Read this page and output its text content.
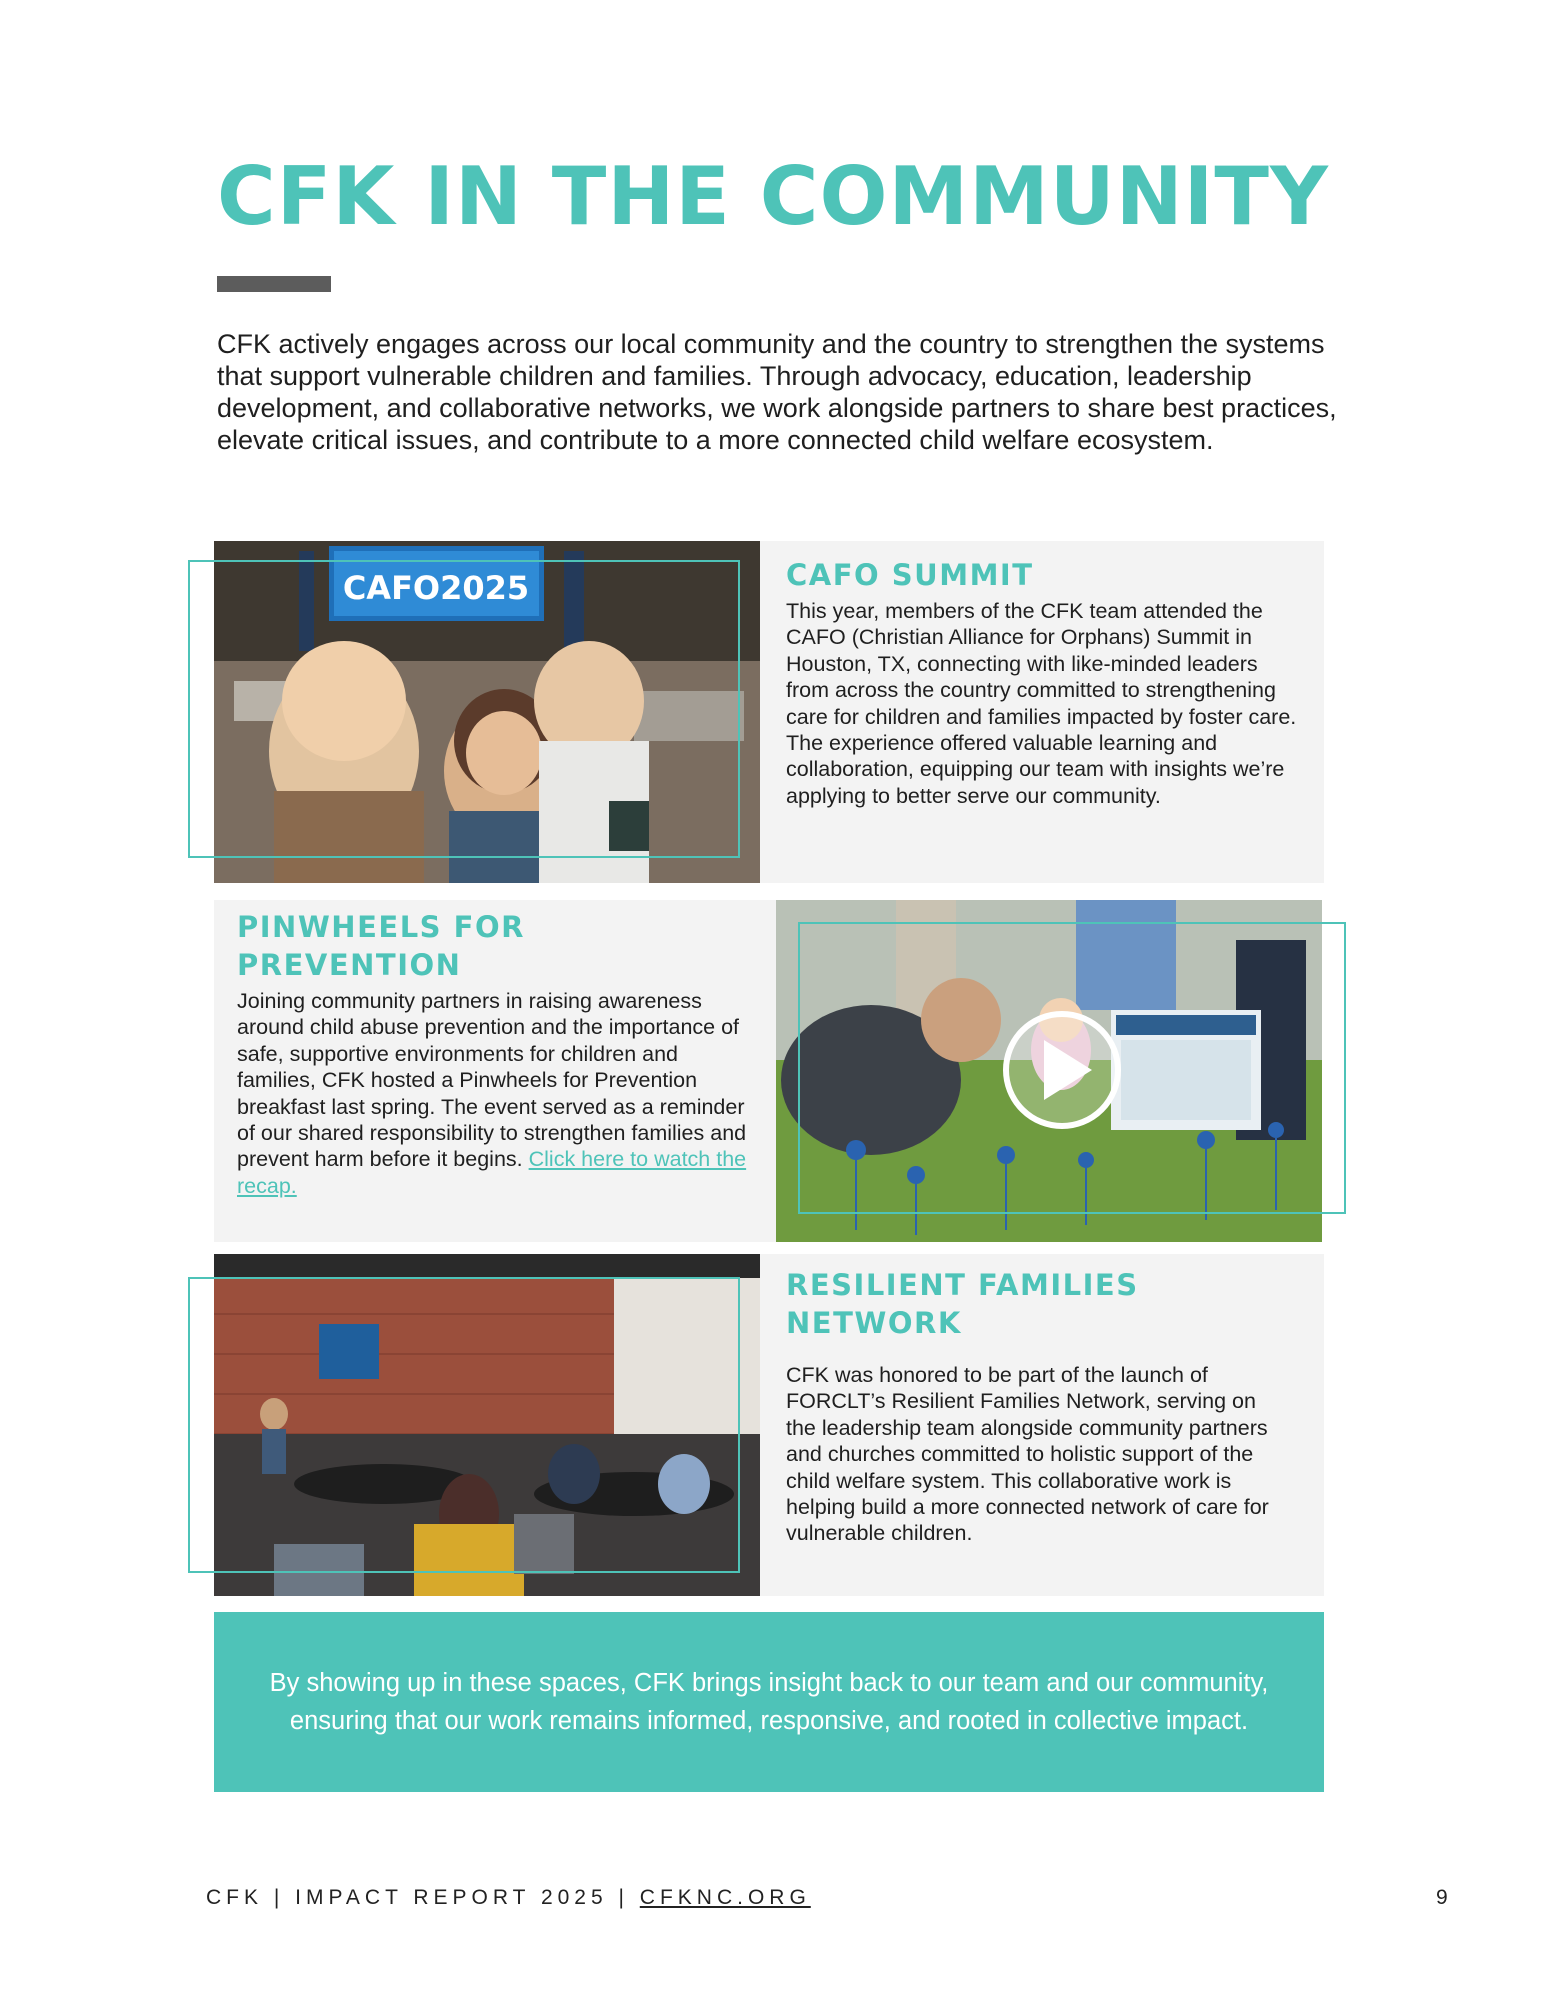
CFK IN THE COMMUNITY

CFK actively engages across our local community and the country to strengthen the systems that support vulnerable children and families. Through advocacy, education, leadership development, and collaborative networks, we work alongside partners to share best practices, elevate critical issues, and contribute to a more connected child welfare ecosystem.

CAFO2025	CAFO SUMMIT

This year, members of the CFK team attended the CAFO (Christian Alliance for Orphans) Summit in Houston, TX, connecting with like-minded leaders from across the country committed to strengthening care for children and families impacted by foster care. The experience offered valuable learning and collaboration, equipping our team with insights we’re applying to better serve our community.

PINWHEELS FOR PREVENTION

Joining community partners in raising awareness around child abuse prevention and the importance of safe, supportive environments for children and families, CFK hosted a Pinwheels for Prevention breakfast last spring. The event served as a reminder of our shared responsibility to strengthen families and prevent harm before it begins. Click here to watch the recap.

RESILIENT FAMILIES NETWORK

CFK was honored to be part of the launch of FORCLT’s Resilient Families Network, serving on the leadership team alongside community partners and churches committed to holistic support of the child welfare system. This collaborative work is helping build a more connected network of care for vulnerable children.

By showing up in these spaces, CFK brings insight back to our team and our community, ensuring that our work remains informed, responsive, and rooted in collective impact.

CFK | IMPACT REPORT 2025 | CFKNC.ORG	9
